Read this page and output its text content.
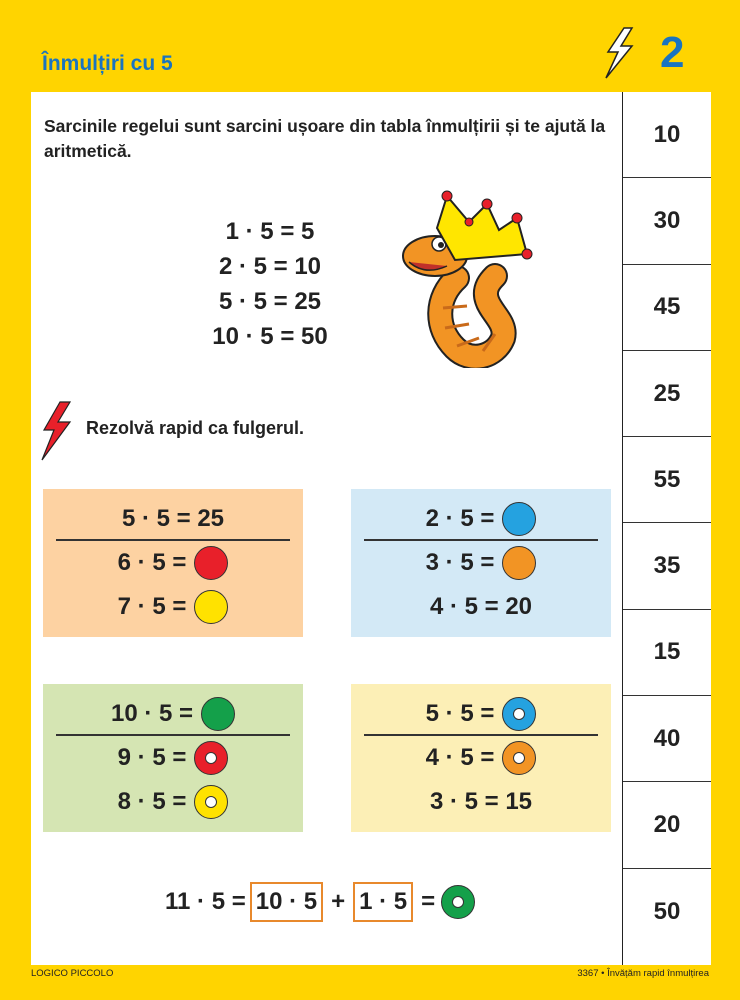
Înmulțiri cu 5	2
Sarcinile regelui sunt sarcini ușoare din tabla înmulțirii și te ajută la aritmetică.
1 · 5 = 5
2 · 5 = 10
5 · 5 = 25
10 · 5 = 50
Rezolvă rapid ca fulgerul.
5 · 5 = 25
6 · 5 =
7 · 5 =
2 · 5 =
3 · 5 =
4 · 5 = 20
10 · 5 =
9 · 5 =
8 · 5 =
5 · 5 =
4 · 5 =
3 · 5 = 15
11 · 5 = 10 · 5 + 1 · 5 =
10
30
45
25
55
35
15
40
20
50
LOGICO PICCOLO	3367 • Învățăm rapid înmulțirea
